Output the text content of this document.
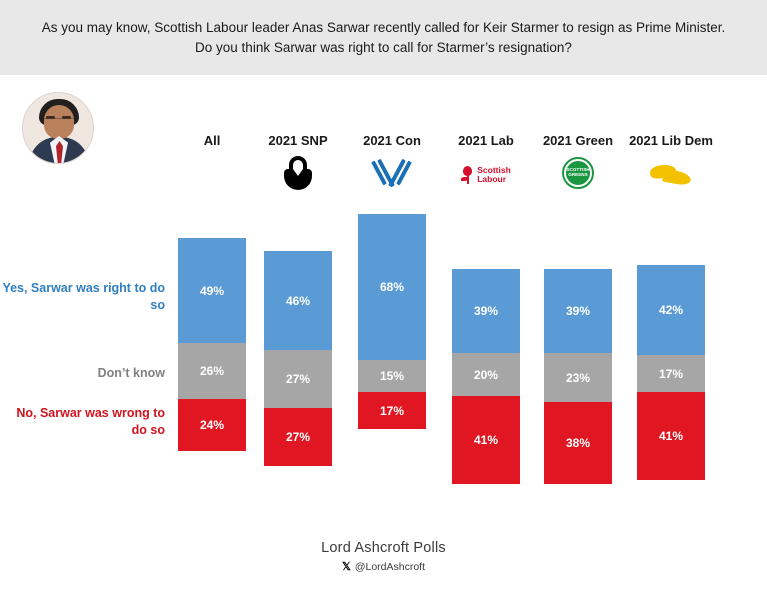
As you may know, Scottish Labour leader Anas Sarwar recently called for Keir Starmer to resign as Prime Minister. Do you think Sarwar was right to call for Starmer’s resignation?
Yes, Sarwar was right to do so
Don’t know
No, Sarwar was wrong to do so
All
49%
26%
24%
2021 SNP
46%
27%
27%
2021 Con
68%
15%
17%
2021 Lab
Scottish
Labour
39%
20%
41%
2021 Green
SCOTTISH
GREENS
39%
23%
38%
2021 Lib Dem
42%
17%
41%
Lord Ashcroft Polls
𝕏 @LordAshcroft
